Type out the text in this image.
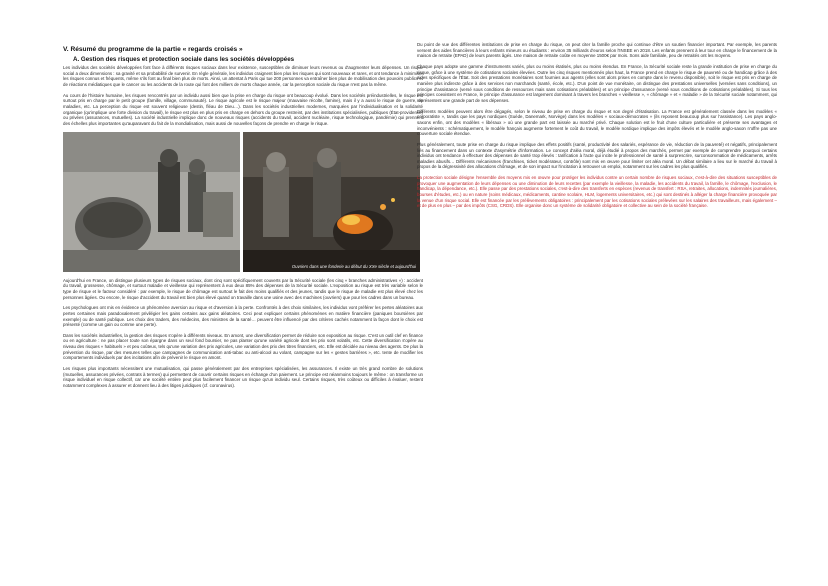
V. Résumé du programme de la partie « regards croisés »
A. Gestion des risques et protection sociale dans les sociétés développées

Les individus des sociétés développées font face à différents risques sociaux dans leur existence, susceptibles de diminuer leurs revenus ou d'augmenter leurs dépenses. Un risque social a deux dimensions : sa gravité et sa probabilité de survenir. En règle générale, les individus craignent bien plus les risques qui sont nouveaux et rares, et ont tendance à minimiser les risques connus et fréquents, même s'ils font au final bien plus de morts. Ainsi, un attentat à Paris qui tue 200 personnes va entraîner bien plus de mobilisation des pouvoirs publics et de réactions médiatiques que le cancer ou les accidents de la route qui font des milliers de morts chaque année, car la perception sociale du risque n'est pas la même.

Au cours de l'histoire humaine, les risques rencontrés par un individu aussi bien que la prise en charge du risque ont beaucoup évolué. Dans les sociétés préindustrielles, le risque est surtout pris en charge par le petit groupe (famille, village, communauté). Le risque agricole est le risque majeur (mauvaise récolte, famine), mais il y a aussi le risque de guerre, de maladies, etc. La perception du risque est souvent religieuse (destin, fléau de Dieu…). Dans les sociétés industrielles modernes, marquées par l'individualisation et la solidarité organique (qu'implique une forte division du travail), le risque est plus en plus pris en charge en dehors du groupe restreint, par des institutions spécialisées, publiques (État-providence) ou privées (assurances, mutuelles). La société industrielle implique donc de nouveaux risques (accidents du travail, accident nucléaire, risque technologique, pandémie) qui prennent des échelles plus importantes qu'auparavant du fait de la mondialisation, mais aussi de nouvelles façons de prendre en charge le risque.

Ouvriers dans une fonderie au début du XXe siècle et aujourd'hui

Aujourd'hui en France, on distingue plusieurs types de risques sociaux, dont cinq sont spécifiquement couverts par la Sécurité sociale (les cinq « branches administratives ») : accident du travail, grossesse, chômage, et surtout maladie et vieillesse qui représentent à eux deux 85% des dépenses de la Sécurité sociale. L'exposition au risque est très variable selon le type de risque et le facteur considéré : par exemple, le risque de chômage est surtout le fait des moins qualifiés et des jeunes, tandis que le risque de maladie est plus élevé chez les personnes âgées. Ou encore, le risque d'accident du travail est bien plus élevé quand on travaille dans une usine avec des machines (ouvriers) que pour les cadres dans un bureau.

Les psychologues ont mis en évidence un phénomène aversion au risque et d'aversion à la perte. Confrontés à des choix similaires, les individus vont préférer les pertes aléatoires aux pertes certaines mais paradoxalement privilégier les gains certains aux gains aléatoires. Ceci peut expliquer certains phénomènes en matière financière (paniques boursières par exemple) ou de santé publique. Les choix des traders, des médecins, des ministres de la santé… peuvent être influencé par des critères cachés notamment la façon dont le choix est présenté (comme un gain ou comme une perte).

Dans les sociétés industrielles, la gestion des risques s'opère à différents niveaux. En amont, une diversification permet de réduire son exposition au risque. C'est un outil clef en finance ou en agriculture : ne pas placer toute son épargne dans un seul fond boursier, ne pas planter qu'une variété agricole dont les prix sont volatils, etc. Cette diversification s'opère au niveau des risques « habituels » et peu coûteux, tels qu'une variation des prix agricoles, une variation des prix des titres financiers, etc. Elle est décidée au niveau des agents. De plus la prévention du risque, par des mesures telles que campagnes de communication anti-tabac ou anti-alcool au volant, campagne sur les « gestes barrières », etc. tente de modifier les comportements individuels par des incitations afin de prévenir le risque en amont.

Les risques plus importants nécessitent une mutualisation, qui passe généralement par des entreprises spécialisées, les assurances. Il existe un très grand nombre de solutions (mutuelles, assurances privées, contrats à termes) qui permettent de couvrir certains risques en échange d'un paiement. Le principe est néanmoins toujours le même : on transforme un risque individuel en risque collectif, car une société entière peut plus facilement financer un risque qu'un individu seul. Certains risques, très coûteux ou difficiles à évaluer, restent notamment complexes à assurer et donnent lieu à des litiges juridiques (cf. coronavirus).

Du point de vue des différentes institutions de prise en charge du risque, on peut citer la famille proche qui continue d'être un soutien financier important. Par exemple, les parents versent des aides financières à leurs enfants mineurs ou étudiants : environ 35 milliards d'euros selon l'INSEE en 2018. Les enfants prennent à leur tour en charge le financement de la maison de retraite (EPAD) de leurs parents âgés. Une maison de retraite coûte en moyenne 1500€ par mois. Sons aide familiale, peu de retraités ont les moyens.

Chaque pays adopte une gamme d'instruments variés, plus ou moins étatisés, plus ou moins étendus. En France, la Sécurité sociale reste la grande institution de prise en charge du risque, grâce à une système de cotisations sociales élevées. Outre les cinq risques mentionnés plus haut, la France prend en charge le risque de pauvreté ou de handicap grâce à des aides spécifiques de l'État. Soit des prestations monétaires sont fournies aux agents (elles sont alors prises en compte dans le revenu disponible), soit le risque est pris en charge de manière plus indirecte grâce à des services non marchands (santé, école, etc.). D'un point de vue monétaire, on distingue des prestations universelles (versées sans conditions), un principe d'assistance (versé sous conditions de ressources mais sans cotisations préalables) et un principe d'assurance (versé sous conditions de cotisations préalables). Si tous les principes coexistent en France, le principe d'assurance est largement dominant à travers les branches « vieillesse », « chômage » et « maladie » de la Sécurité sociale notamment, qui représentent une grande part de ses dépenses.

Différents modèles peuvent alors être dégagés, selon le niveau de prise en charge du risque et son degré d'étatisation. La France est généralement classée dans les modèles « corporatiste », tandis que les pays nordiques (Suède, Danemark, Norvège) dans les modèles « sociaux-démocrates » (ils reposent beaucoup plus sur l'assistance). Les pays anglo-saxons enfin, ont des modèles « libéraux » où une grande part est laissée au marché privé. Chaque solution est le fruit d'une culture particulière et présente ses avantages et inconvénients : schématiquement, le modèle français augmente fortement le coût du travail, le modèle nordique implique des impôts élevés et le modèle anglo-saxon n'offre pas une couverture sociale étendue.

Plus généralement, toute prise en charge du risque implique des effets positifs (santé, productivité des salariés, espérance de vie, réduction de la pauvreté) et négatifs, principalement liés au financement dans un contexte d'asymétrie d'information. Le concept d'aléa moral, déjà étudié à propos des marchés, permet par exemple de comprendre pourquoi certains individus ont tendance à effectuer des dépenses de santé trop élevés : tarification à l'acte qui incite le professionnel de santé à surprescrire, surconsommation de médicaments, arrêts maladies abusifs… Différents mécanismes (franchises, ticket modérateur, contrôle) sont mis en œuvre pour limiter cet aléa moral. Un débat similaire a lieu sur le marché du travail à propos de la dégressivité des allocations chômage, et de son impact sur l'incitation à retrouver un emploi, notamment sur les cadres les plus qualifiés.

La protection sociale désigne l'ensemble des moyens mis en œuvre pour protéger les individus contre un certain nombre de risques sociaux, c'est-à-dire des situations susceptibles de provoquer une augmentation de leurs dépenses ou une diminution de leurs recettes (par exemple la vieillesse, la maladie, les accidents du travail, la famille, le chômage, l'exclusion, le handicap, la dépendance, etc.). Elle passe par des prestations sociales, c'est-à-dire des transferts en espèces (revenus de transfert : RSA, retraites, allocations, indemnités journalières, bourses d'études, etc.) ou en nature (soins médicaux, médicaments, cantine scolaire, HLM, logements universitaires, etc.) qui sont destinés à alléger la charge financière provoquée par la venue d'un risque social. Elle est financée par les prélèvements obligatoires : principalement par les cotisations sociales prélevées sur les salaires des travailleurs, mais également – et de plus en plus – par des impôts (CSG, CRDS). Elle organise donc un système de solidarité obligatoire et collective au sein de la société française.
